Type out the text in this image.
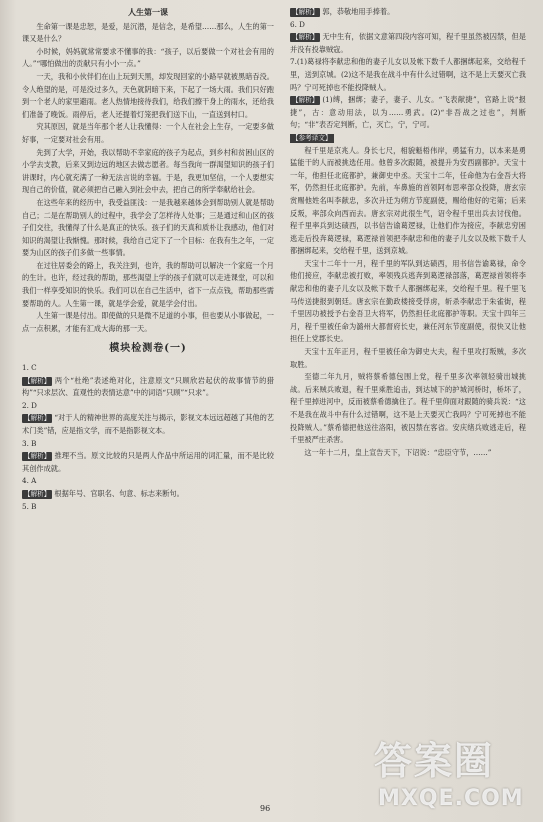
人生第一课

生命第一课是忠恕，是爱，是沉潜，是信念，是希望……那么，人生的第一课又是什么？

小时候，妈妈就常常要求不懂事的我：“孩子，以后要做一个对社会有用的人。”“哪怕做出的贡献只有小小一点。”

一天，我和小伙伴们在山上玩到天黑，却发现回家的小路早就被黑暗吞没。令人绝望的是，可是没过多久，天色就阴暗下来，下起了一场大雨。我们只好跑到一个老人的家里避雨。老人热情地接待我们，给我们擦干身上的雨水，还给我们准备了晚饭。雨停后，老人还提着灯笼把我们送下山，一直送到村口。

究其原因，就是当年那个老人让我懂得：一个人在社会上生存，一定要多做好事，一定要对社会有用。

先到了大学，开始，我以帮助不幸家庭的孩子为起点，到乡村和贫困山区的小学去支教，后来又到边远的地区去做志愿者。每当我向一群渴望知识的孩子们讲课时，内心就充满了一种无法言说的幸福。于是，我更加坚信，一个人要想实现自己的价值，就必须把自己融入到社会中去，把自己的所学奉献给社会。

在这些年来的经历中，我受益匪浅：一是我越来越体会到帮助别人就是帮助自己；二是在帮助别人的过程中，我学会了怎样待人处事；三是通过和山区的孩子们交往，我懂得了什么是真正的快乐。孩子们的天真和质朴让我感动，他们对知识的渴望让我惭愧。那时候，我给自己定下了一个目标：在我有生之年，一定要为山区的孩子们多做一些事情。

在过往居委会的路上，我关注到，也许，我的帮助可以解决一个家庭一个月的生计。也许，经过我的帮助，那些渴望上学的孩子们就可以走进课堂，可以和我们一样享受知识的快乐。我们可以在自己生活中，省下一点点钱，帮助那些需要帮助的人。人生第一课，就是学会爱，就是学会付出。

人生第一课是付出。即使做的只是微不足道的小事，但也要从小事做起，一点一点积累，才能有汇成大海的那一天。

模块检测卷(一)

1. C

【解析】 两个“杜绝”表述绝对化，注意原文“只顾欣岩起伏的故事情节的猎构”“只求层次、直观性的表情达意”中的词语“只顾”“只求”。

2. D

【解析】 “对于人的精神世界的高度关注与揭示，影视文本远远超越了其他的艺术门类”错，应是指文学，而不是指影视文本。

3. B

【解析】 推理不当。原文比较的只是两人作品中所运用的词汇量，而不是比较其创作成就。

4. A

【解析】 根据年号、官职名、句意、标志来断句。

5. B

【解析】 郭，恭敬地用手捧着。

6. D

【解析】 无中生有，依据文意第四段内容可知，程千里虽然被囚禁，但是并没有投靠贼寇。

7.(1)葛禄将李献忠和他的妻子儿女以及帐下数千人都捆绑起来，交给程千里，送到京城。(2)这不是我在战斗中有什么过错啊，这不是上天要灭亡我吗？宁可死掉也不能投降贼人。

【解析】 (1)缚，捆绑；妻子，妻子、儿女。“飞表献捷”，官路上说“报捷”，古：意动用法，以为……勇武。(2)“非吾战之过也”，判断句；“非”表否定判断，亡，灭亡，宁，宁可。

【参考译文】

程千里是京兆人。身长七尺，相貌魁梧伟岸，勇猛有力，以本来是勇猛能干的人而被挑选任用。他曾多次跟随，被提升为安西副都护。天宝十一年，他担任北庭都护，兼御史中丞。天宝十二年，任命他为右金吾大将军，仍然担任北庭都护。先前，车鼻施的首领阿布思率部众投降，唐玄宗赏赐他姓名叫李献忠，多次升迁为朔方节度副使，赐给他好的宅第；后来反叛，率部众向西而去。唐玄宗对此很生气，诏令程千里出兵去讨伐他。程千里率兵到达碛西，以书信告谕葛逻禄，让他们作为接应，李献忠穷困逃走后投奔葛逻禄，葛逻禄首领把李献忠和他的妻子儿女以及帐下数千人都捆绑起来，交给程千里，送到京城。

天宝十二年十一月，程千里的军队到达碛西，用书信告谕葛禄，命令他们接应，李献忠被打败，率领残兵逃奔到葛逻禄部落，葛逻禄首领将李献忠和他的妻子儿女以及帐下数千人都捆绑起来，交给程千里。程千里飞马传送捷报到朝廷。唐玄宗在勤政楼接受俘虏，斩杀李献忠于朱雀街，程千里因功被授予右金吾卫大将军，仍然担任北庭都护等职。天宝十四年三月，程千里被任命为潞州大都督府长史，兼任河东节度副使，很快又让他担任上党郡长史。

天宝十五年正月，程千里被任命为御史大夫，程千里攻打叛贼，多次取胜。

至德二年九月，贼将蔡希德包围上党，程千里多次率领轻骑出城挑战。后来贼兵败退，程千里乘胜追击，到达城下的护城河桥时，桥坏了，程千里掉进河中，反而被蔡希德擒住了。程千里仰面对跟随的骑兵说：“这不是我在战斗中有什么过错啊，这不是上天要灭亡我吗？宁可死掉也不能投降贼人。”蔡希德把他送往洛阳，被囚禁在客省。安庆绪兵败逃走后，程千里被严庄杀害。

这一年十二月，皇上宣告天下，下诏说：“忠臣守节，……”

96
答案圈
MXQE.COM
